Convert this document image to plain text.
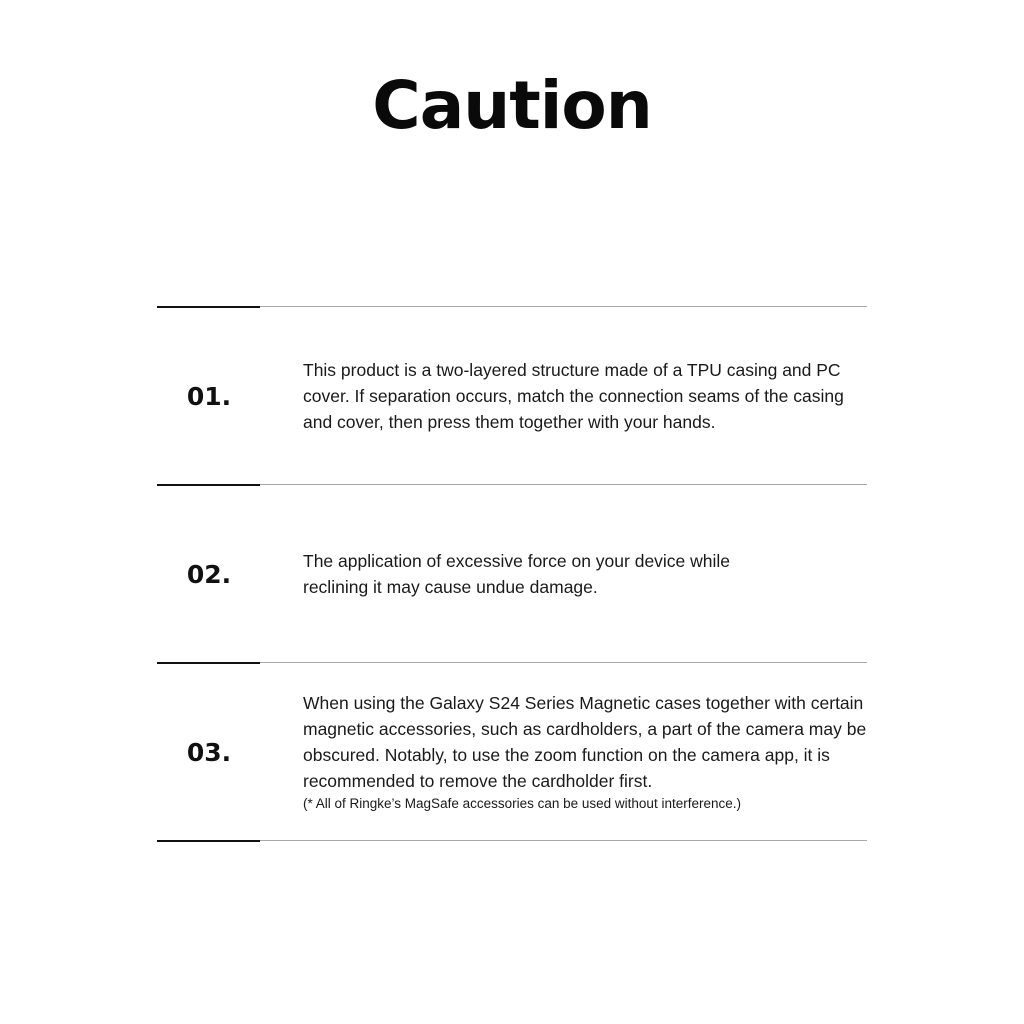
Caution
01.

This product is a two-layered structure made of a TPU casing and PC cover. If separation occurs, match the connection seams of the casing and cover, then press them together with your hands.

02.	The application of excessive force on your device while reclining it may cause undue damage.

03.

When using the Galaxy S24 Series Magnetic cases together with certain magnetic accessories, such as cardholders, a part of the camera may be obscured. Notably, to use the zoom function on the camera app, it is recommended to remove the cardholder first.

(* All of Ringke’s MagSafe accessories can be used without interference.)
